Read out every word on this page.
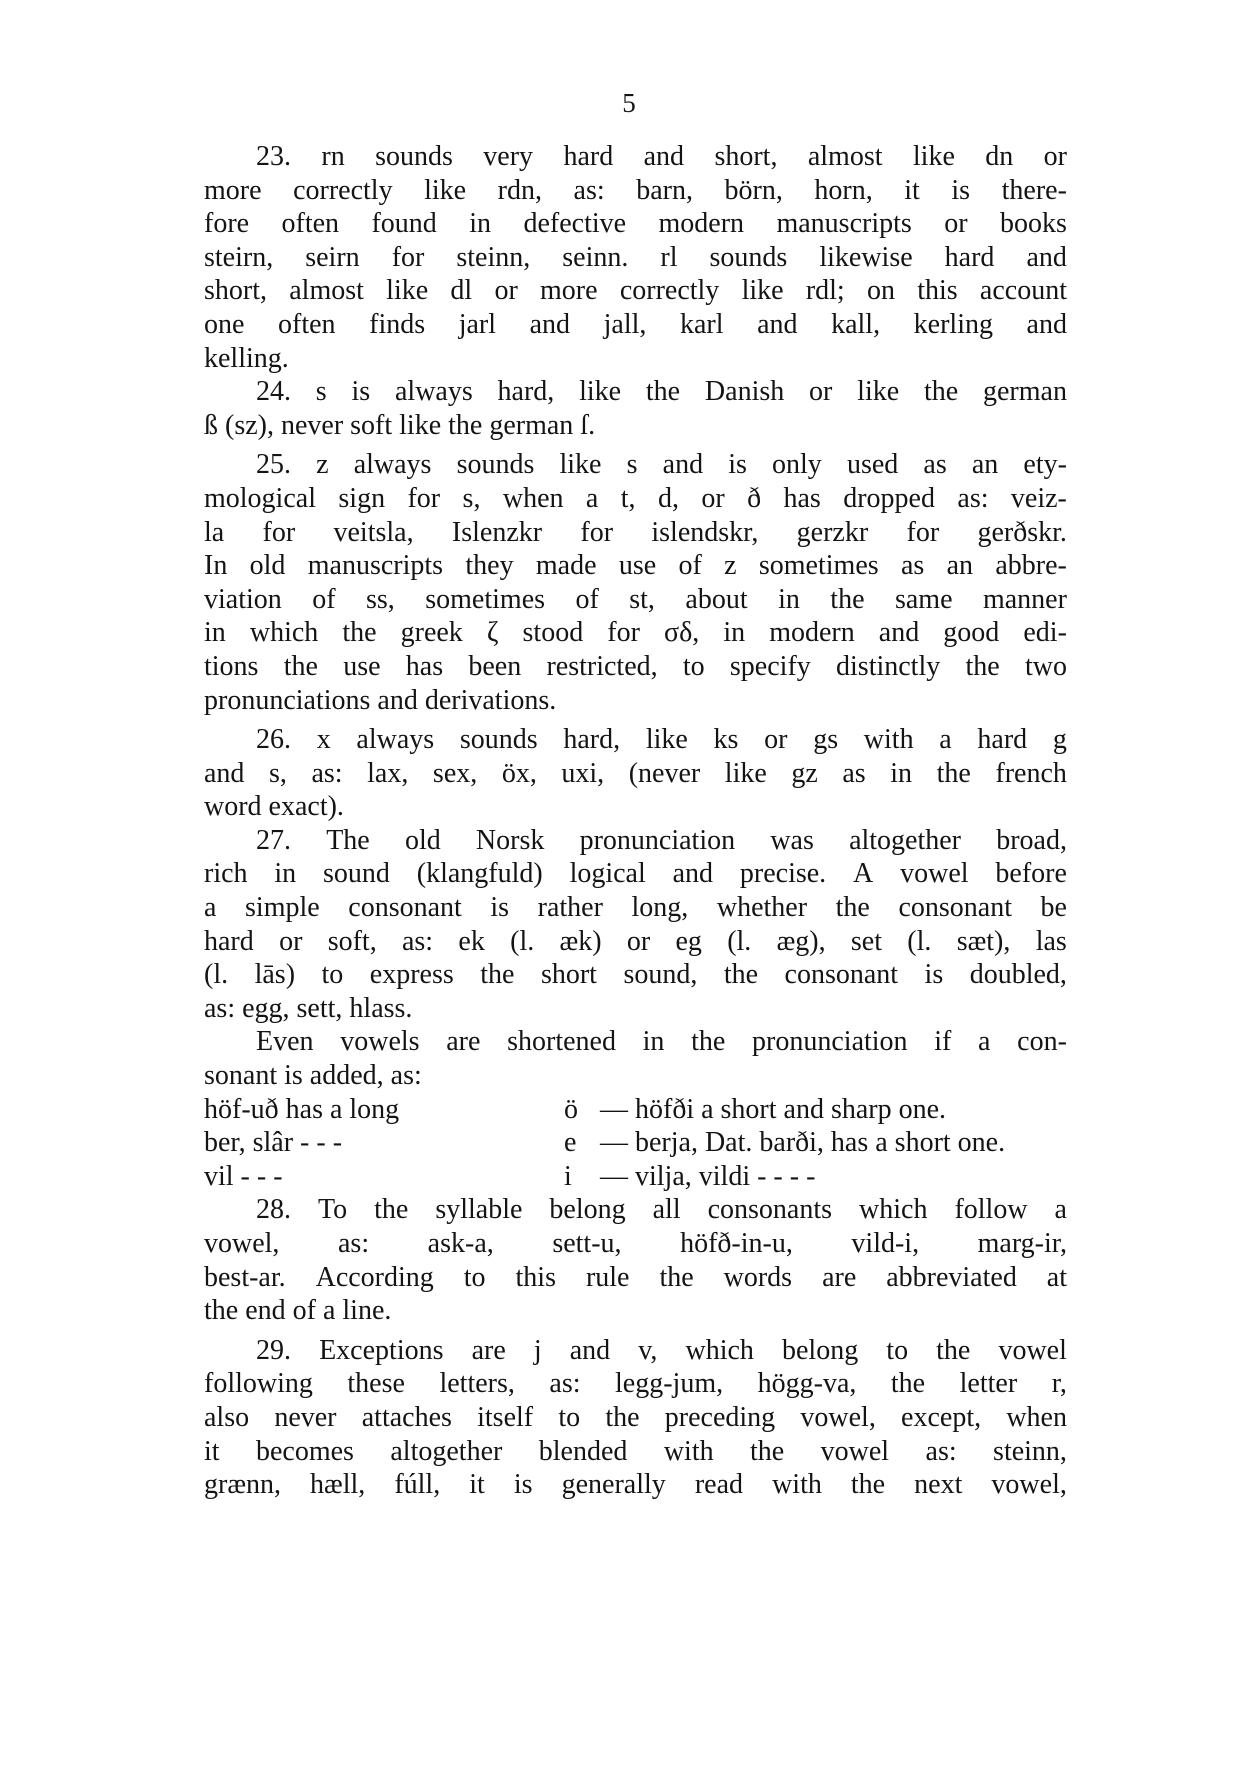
5
23. rn sounds very hard and short, almost like dn or
more correctly like rdn, as: barn, börn, horn, it is there-
fore often found in defective modern manuscripts or books
steirn, seirn for steinn, seinn. rl sounds likewise hard and
short, almost like dl or more correctly like rdl; on this account
one often finds jarl and jall, karl and kall, kerling and
kelling.
24. s is always hard, like the Danish or like the german
ß (sz), never soft like the german ſ.
25. z always sounds like s and is only used as an ety-
mological sign for s, when a t, d, or ð has dropped as: veiz-
la for veitsla, Islenzkr for islendskr, gerzkr for gerðskr.
In old manuscripts they made use of z sometimes as an abbre-
viation of ss, sometimes of st, about in the same manner
in which the greek ζ stood for σδ, in modern and good edi-
tions the use has been restricted, to specify distinctly the two
pronunciations and derivations.
26. x always sounds hard, like ks or gs with a hard g
and s, as: lax, sex, öx, uxi, (never like gz as in the french
word exact).
27. The old Norsk pronunciation was altogether broad,
rich in sound (klangfuld) logical and precise. A vowel before
a simple consonant is rather long, whether the consonant be
hard or soft, as: ek (l. æk) or eg (l. æg), set (l. sæt), las
(l. lās) to express the short sound, the consonant is doubled,
as: egg, sett, hlass.
Even vowels are shortened in the pronunciation if a con-
sonant is added, as:
höf-uð has a long	ö — höfði a short and sharp one.
ber, slâr - - -	e — berja, Dat. barði, has a short one.
vil - - -	i	— vilja, vildi - - - -
28. To the syllable belong all consonants which follow a
vowel, as: ask-a, sett-u, höfð-in-u, vild-i, marg-ir,
best-ar. According to this rule the words are abbreviated at
the end of a line.
29. Exceptions are j and v, which belong to the vowel
following these letters, as: legg-jum, högg-va, the letter r,
also never attaches itself to the preceding vowel, except, when
it becomes altogether blended with the vowel as: steinn,
grænn, hæll, fúll, it is generally read with the next vowel,
